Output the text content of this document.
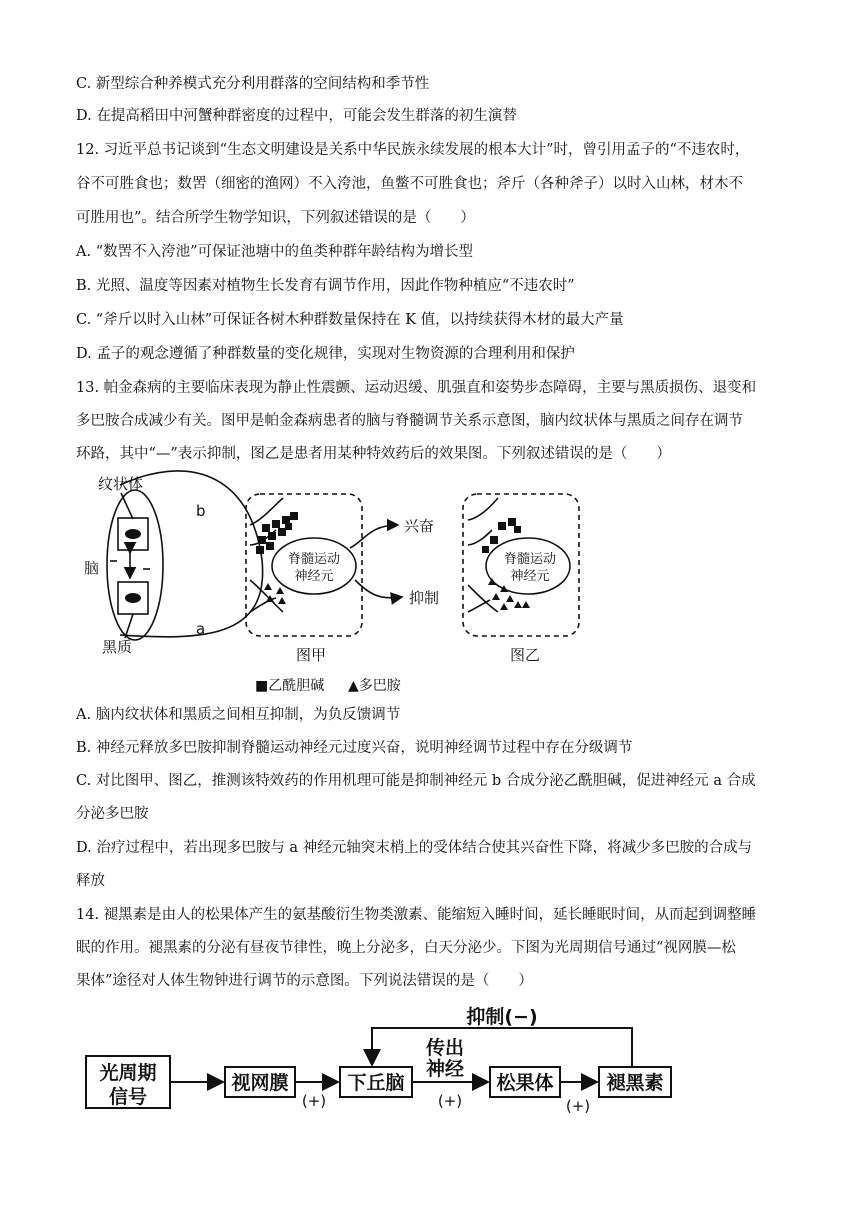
C. 新型综合种养模式充分利用群落的空间结构和季节性
D. 在提高稻田中河蟹种群密度的过程中，可能会发生群落的初生演替
12. 习近平总书记谈到“生态文明建设是关系中华民族永续发展的根本大计”时，曾引用孟子的“不违农时，
谷不可胜食也；数罟（细密的渔网）不入洿池，鱼鳖不可胜食也；斧斤（各种斧子）以时入山林，材木不
可胜用也”。结合所学生物学知识，下列叙述错误的是（　　）
A. “数罟不入洿池”可保证池塘中的鱼类种群年龄结构为增长型
B. 光照、温度等因素对植物生长发育有调节作用，因此作物种植应“不违农时”
C. “斧斤以时入山林”可保证各树木种群数量保持在 K 值，以持续获得木材的最大产量
D. 孟子的观念遵循了种群数量的变化规律，实现对生物资源的合理利用和保护
13. 帕金森病的主要临床表现为静止性震颤、运动迟缓、肌强直和姿势步态障碍，主要与黑质损伤、退变和
多巴胺合成减少有关。图甲是帕金森病患者的脑与脊髓调节关系示意图，脑内纹状体与黑质之间存在调节
环路，其中“—”表示抑制，图乙是患者用某种特效药后的效果图。下列叙述错误的是（　　）
A. 脑内纹状体和黑质之间相互抑制，为负反馈调节
B. 神经元释放多巴胺抑制脊髓运动神经元过度兴奋，说明神经调节过程中存在分级调节
C. 对比图甲、图乙，推测该特效药的作用机理可能是抑制神经元 b 合成分泌乙酰胆碱，促进神经元 a 合成
分泌多巴胺
D. 治疗过程中，若出现多巴胺与 a 神经元轴突末梢上的受体结合使其兴奋性下降，将减少多巴胺的合成与
释放
14. 褪黑素是由人的松果体产生的氨基酸衍生物类激素、能缩短入睡时间，延长睡眠时间，从而起到调整睡
眠的作用。褪黑素的分泌有昼夜节律性，晚上分泌多，白天分泌少。下图为光周期信号通过“视网膜—松
果体”途径对人体生物钟进行调节的示意图。下列说法错误的是（　　）
纹状体
脑
黑质
b
a
兴奋
抑制
图甲	图乙
■乙酰胆碱 ▲多巴胺
脊髓运动
神经元
脊髓运动
神经元
光周期
信号
视网膜	下丘脑	松果体	褪黑素
抑制(−)
传出
神经
(+)	(+)	(+)
